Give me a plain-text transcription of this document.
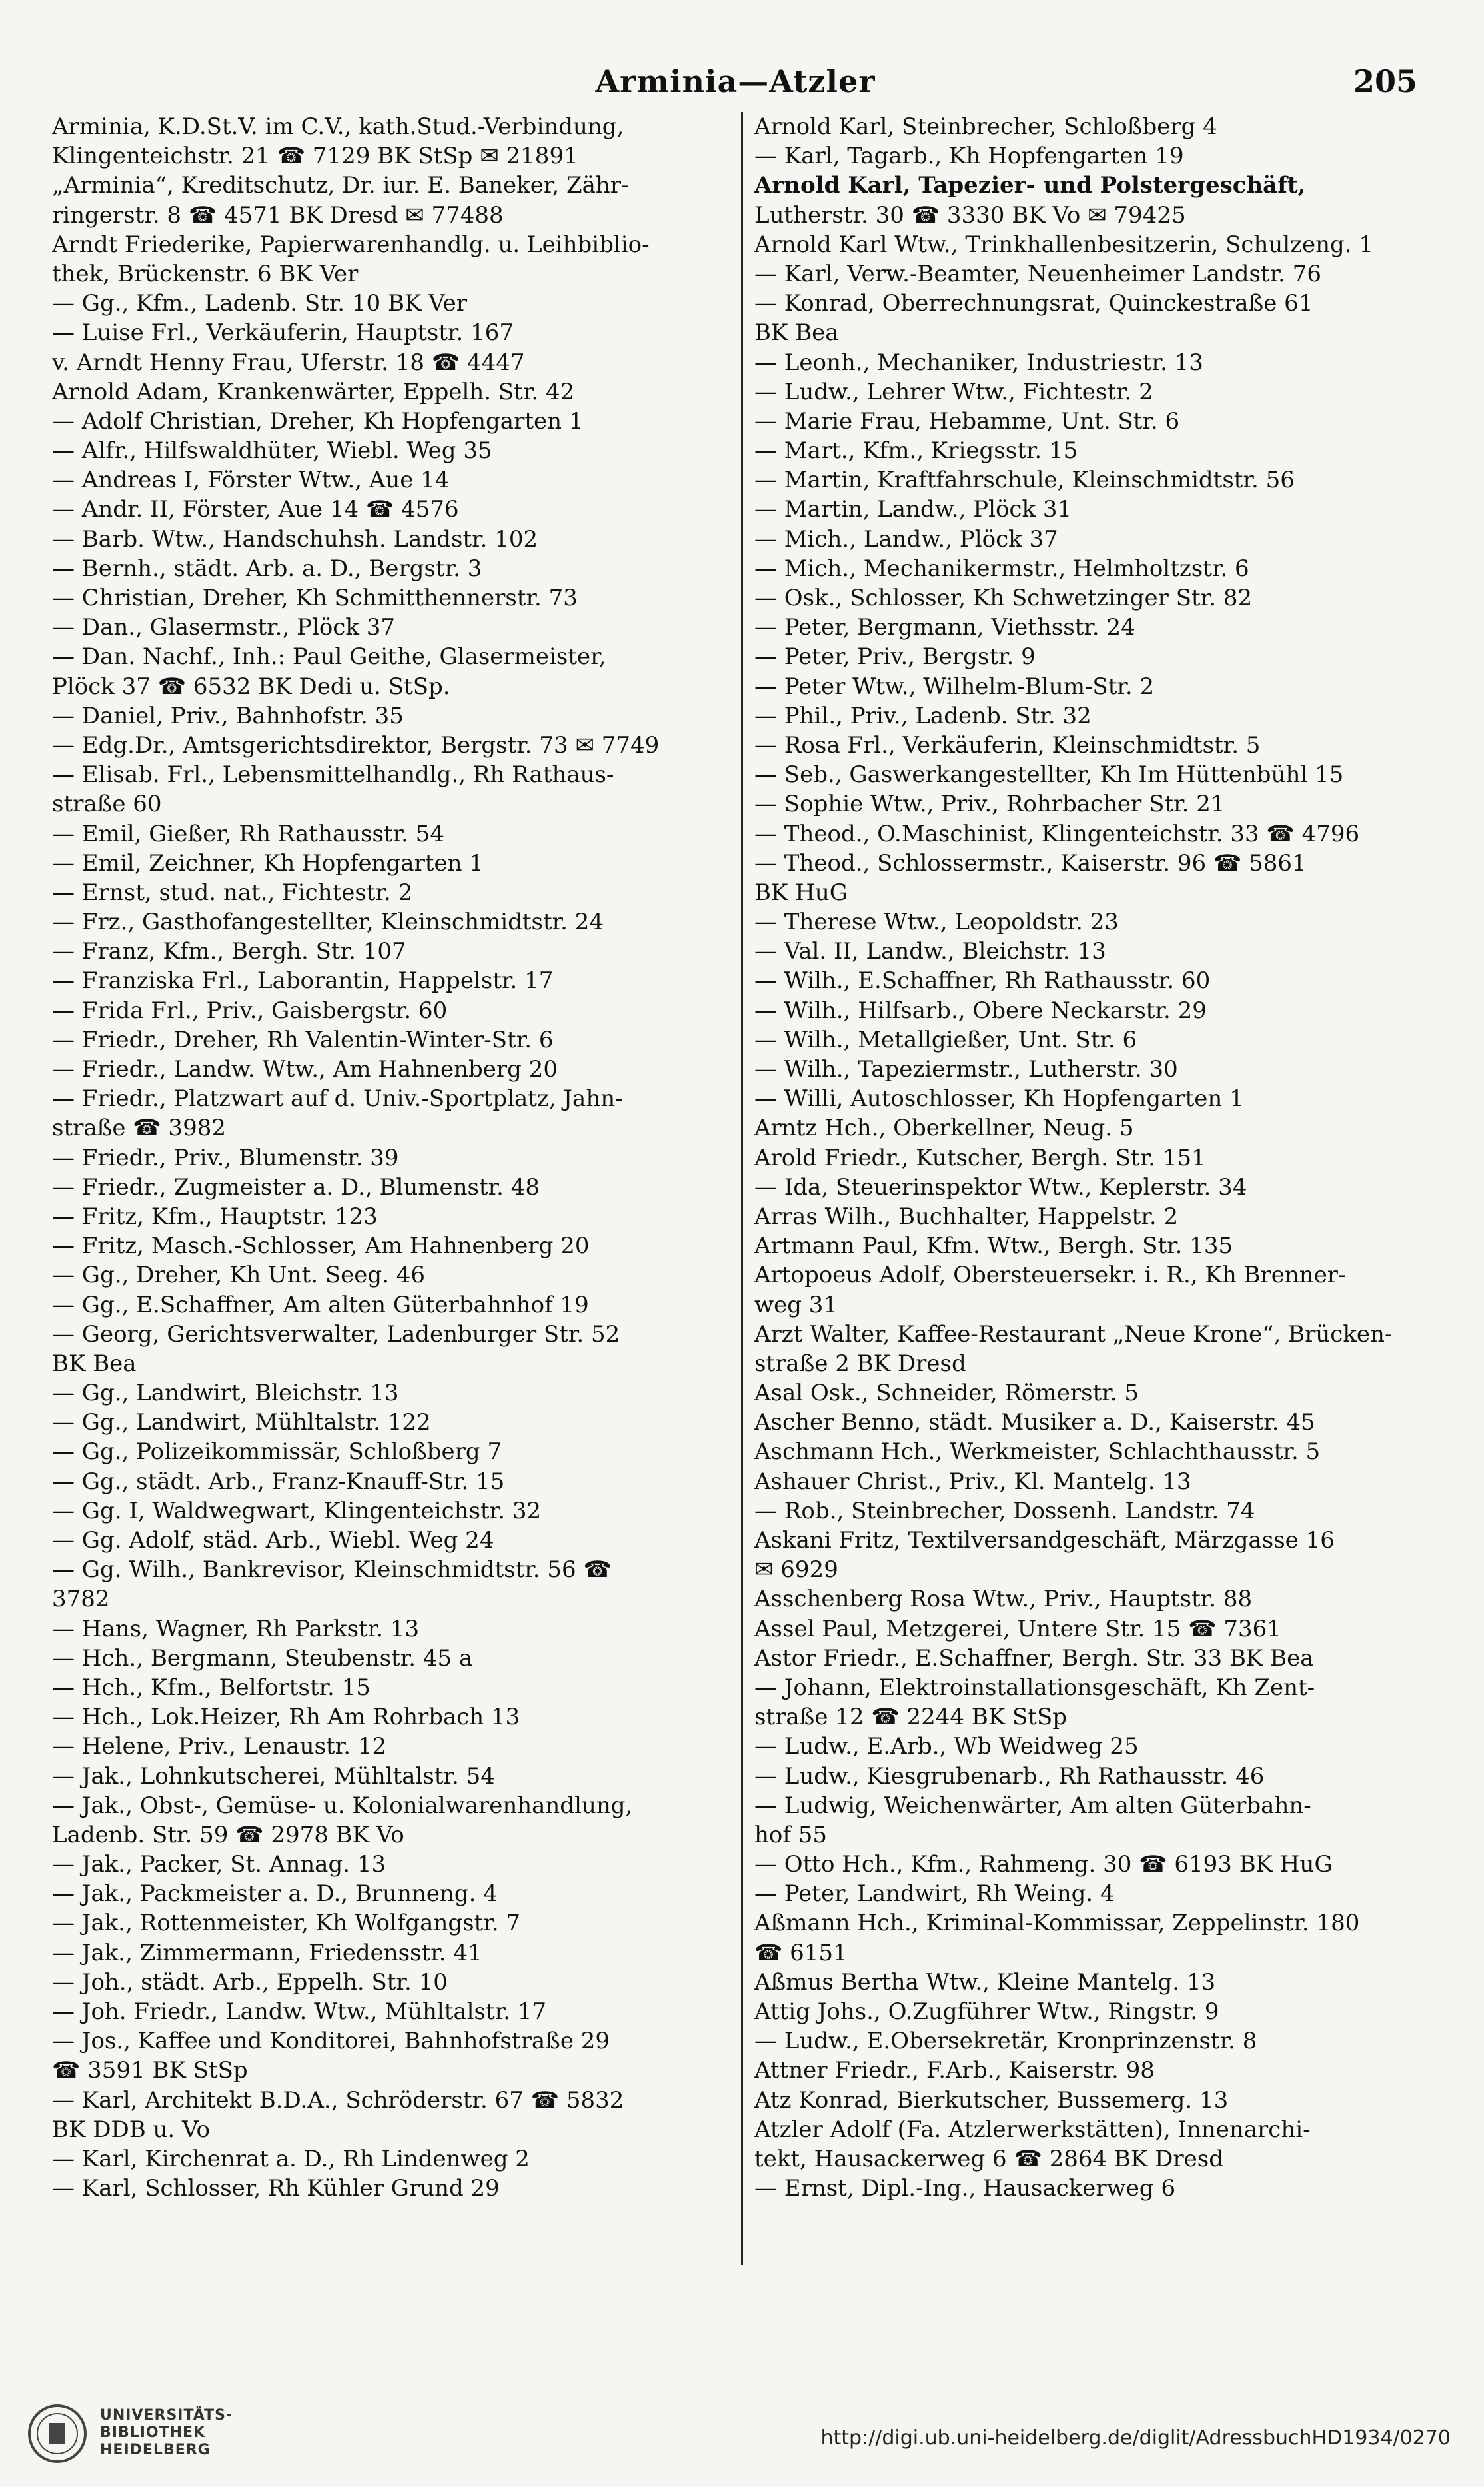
Arminia—Atzler	205
Arminia, K.D.St.V. im C.V., kath.Stud.-Verbindung,
Klingenteichstr. 21 ☎ 7129 BK StSp ✉ 21891
„Arminia“, Kreditschutz, Dr. iur. E. Baneker, Zähr-
ringerstr. 8 ☎ 4571 BK Dresd ✉ 77488
Arndt Friederike, Papierwarenhandlg. u. Leihbiblio-
thek, Brückenstr. 6 BK Ver
— Gg., Kfm., Ladenb. Str. 10 BK Ver
— Luise Frl., Verkäuferin, Hauptstr. 167
v. Arndt Henny Frau, Uferstr. 18 ☎ 4447
Arnold Adam, Krankenwärter, Eppelh. Str. 42
— Adolf Christian, Dreher, Kh Hopfengarten 1
— Alfr., Hilfswaldhüter, Wiebl. Weg 35
— Andreas I, Förster Wtw., Aue 14
— Andr. II, Förster, Aue 14 ☎ 4576
— Barb. Wtw., Handschuhsh. Landstr. 102
— Bernh., städt. Arb. a. D., Bergstr. 3
— Christian, Dreher, Kh Schmitthennerstr. 73
— Dan., Glasermstr., Plöck 37
— Dan. Nachf., Inh.: Paul Geithe, Glasermeister,
Plöck 37 ☎ 6532 BK Dedi u. StSp.
— Daniel, Priv., Bahnhofstr. 35
— Edg.Dr., Amtsgerichtsdirektor, Bergstr. 73 ✉ 7749
— Elisab. Frl., Lebensmittelhandlg., Rh Rathaus-
straße 60
— Emil, Gießer, Rh Rathausstr. 54
— Emil, Zeichner, Kh Hopfengarten 1
— Ernst, stud. nat., Fichtestr. 2
— Frz., Gasthofangestellter, Kleinschmidtstr. 24
— Franz, Kfm., Bergh. Str. 107
— Franziska Frl., Laborantin, Happelstr. 17
— Frida Frl., Priv., Gaisbergstr. 60
— Friedr., Dreher, Rh Valentin-Winter-Str. 6
— Friedr., Landw. Wtw., Am Hahnenberg 20
— Friedr., Platzwart auf d. Univ.-Sportplatz, Jahn-
straße ☎ 3982
— Friedr., Priv., Blumenstr. 39
— Friedr., Zugmeister a. D., Blumenstr. 48
— Fritz, Kfm., Hauptstr. 123
— Fritz, Masch.-Schlosser, Am Hahnenberg 20
— Gg., Dreher, Kh Unt. Seeg. 46
— Gg., E.Schaffner, Am alten Güterbahnhof 19
— Georg, Gerichtsverwalter, Ladenburger Str. 52
BK Bea
— Gg., Landwirt, Bleichstr. 13
— Gg., Landwirt, Mühltalstr. 122
— Gg., Polizeikommissär, Schloßberg 7
— Gg., städt. Arb., Franz-Knauff-Str. 15
— Gg. I, Waldwegwart, Klingenteichstr. 32
— Gg. Adolf, städ. Arb., Wiebl. Weg 24
— Gg. Wilh., Bankrevisor, Kleinschmidtstr. 56 ☎
3782
— Hans, Wagner, Rh Parkstr. 13
— Hch., Bergmann, Steubenstr. 45 a
— Hch., Kfm., Belfortstr. 15
— Hch., Lok.Heizer, Rh Am Rohrbach 13
— Helene, Priv., Lenaustr. 12
— Jak., Lohnkutscherei, Mühltalstr. 54
— Jak., Obst-, Gemüse- u. Kolonialwarenhandlung,
Ladenb. Str. 59 ☎ 2978 BK Vo
— Jak., Packer, St. Annag. 13
— Jak., Packmeister a. D., Brunneng. 4
— Jak., Rottenmeister, Kh Wolfgangstr. 7
— Jak., Zimmermann, Friedensstr. 41
— Joh., städt. Arb., Eppelh. Str. 10
— Joh. Friedr., Landw. Wtw., Mühltalstr. 17
— Jos., Kaffee und Konditorei, Bahnhofstraße 29
☎ 3591 BK StSp
— Karl, Architekt B.D.A., Schröderstr. 67 ☎ 5832
BK DDB u. Vo
— Karl, Kirchenrat a. D., Rh Lindenweg 2
— Karl, Schlosser, Rh Kühler Grund 29
Arnold Karl, Steinbrecher, Schloßberg 4
— Karl, Tagarb., Kh Hopfengarten 19
Arnold Karl, Tapezier- und Polstergeschäft,
Lutherstr. 30 ☎ 3330 BK Vo ✉ 79425
Arnold Karl Wtw., Trinkhallenbesitzerin, Schulzeng. 1
— Karl, Verw.-Beamter, Neuenheimer Landstr. 76
— Konrad, Oberrechnungsrat, Quinckestraße 61
BK Bea
— Leonh., Mechaniker, Industriestr. 13
— Ludw., Lehrer Wtw., Fichtestr. 2
— Marie Frau, Hebamme, Unt. Str. 6
— Mart., Kfm., Kriegsstr. 15
— Martin, Kraftfahrschule, Kleinschmidtstr. 56
— Martin, Landw., Plöck 31
— Mich., Landw., Plöck 37
— Mich., Mechanikermstr., Helmholtzstr. 6
— Osk., Schlosser, Kh Schwetzinger Str. 82
— Peter, Bergmann, Viethsstr. 24
— Peter, Priv., Bergstr. 9
— Peter Wtw., Wilhelm-Blum-Str. 2
— Phil., Priv., Ladenb. Str. 32
— Rosa Frl., Verkäuferin, Kleinschmidtstr. 5
— Seb., Gaswerkangestellter, Kh Im Hüttenbühl 15
— Sophie Wtw., Priv., Rohrbacher Str. 21
— Theod., O.Maschinist, Klingenteichstr. 33 ☎ 4796
— Theod., Schlossermstr., Kaiserstr. 96 ☎ 5861
BK HuG
— Therese Wtw., Leopoldstr. 23
— Val. II, Landw., Bleichstr. 13
— Wilh., E.Schaffner, Rh Rathausstr. 60
— Wilh., Hilfsarb., Obere Neckarstr. 29
— Wilh., Metallgießer, Unt. Str. 6
— Wilh., Tapeziermstr., Lutherstr. 30
— Willi, Autoschlosser, Kh Hopfengarten 1
Arntz Hch., Oberkellner, Neug. 5
Arold Friedr., Kutscher, Bergh. Str. 151
— Ida, Steuerinspektor Wtw., Keplerstr. 34
Arras Wilh., Buchhalter, Happelstr. 2
Artmann Paul, Kfm. Wtw., Bergh. Str. 135
Artopoeus Adolf, Obersteuersekr. i. R., Kh Brenner-
weg 31
Arzt Walter, Kaffee-Restaurant „Neue Krone“, Brücken-
straße 2 BK Dresd
Asal Osk., Schneider, Römerstr. 5
Ascher Benno, städt. Musiker a. D., Kaiserstr. 45
Aschmann Hch., Werkmeister, Schlachthausstr. 5
Ashauer Christ., Priv., Kl. Mantelg. 13
— Rob., Steinbrecher, Dossenh. Landstr. 74
Askani Fritz, Textilversandgeschäft, Märzgasse 16
✉ 6929
Asschenberg Rosa Wtw., Priv., Hauptstr. 88
Assel Paul, Metzgerei, Untere Str. 15 ☎ 7361
Astor Friedr., E.Schaffner, Bergh. Str. 33 BK Bea
— Johann, Elektroinstallationsgeschäft, Kh Zent-
straße 12 ☎ 2244 BK StSp
— Ludw., E.Arb., Wb Weidweg 25
— Ludw., Kiesgrubenarb., Rh Rathausstr. 46
— Ludwig, Weichenwärter, Am alten Güterbahn-
hof 55
— Otto Hch., Kfm., Rahmeng. 30 ☎ 6193 BK HuG
— Peter, Landwirt, Rh Weing. 4
Aßmann Hch., Kriminal-Kommissar, Zeppelinstr. 180
☎ 6151
Aßmus Bertha Wtw., Kleine Mantelg. 13
Attig Johs., O.Zugführer Wtw., Ringstr. 9
— Ludw., E.Obersekretär, Kronprinzenstr. 8
Attner Friedr., F.Arb., Kaiserstr. 98
Atz Konrad, Bierkutscher, Bussemerg. 13
Atzler Adolf (Fa. Atzlerwerkstätten), Innenarchi-
tekt, Hausackerweg 6 ☎ 2864 BK Dresd
— Ernst, Dipl.-Ing., Hausackerweg 6
UNIVERSITÄTS-
BIBLIOTHEK
HEIDELBERG
http://digi.ub.uni-heidelberg.de/diglit/AdressbuchHD1934/0270
